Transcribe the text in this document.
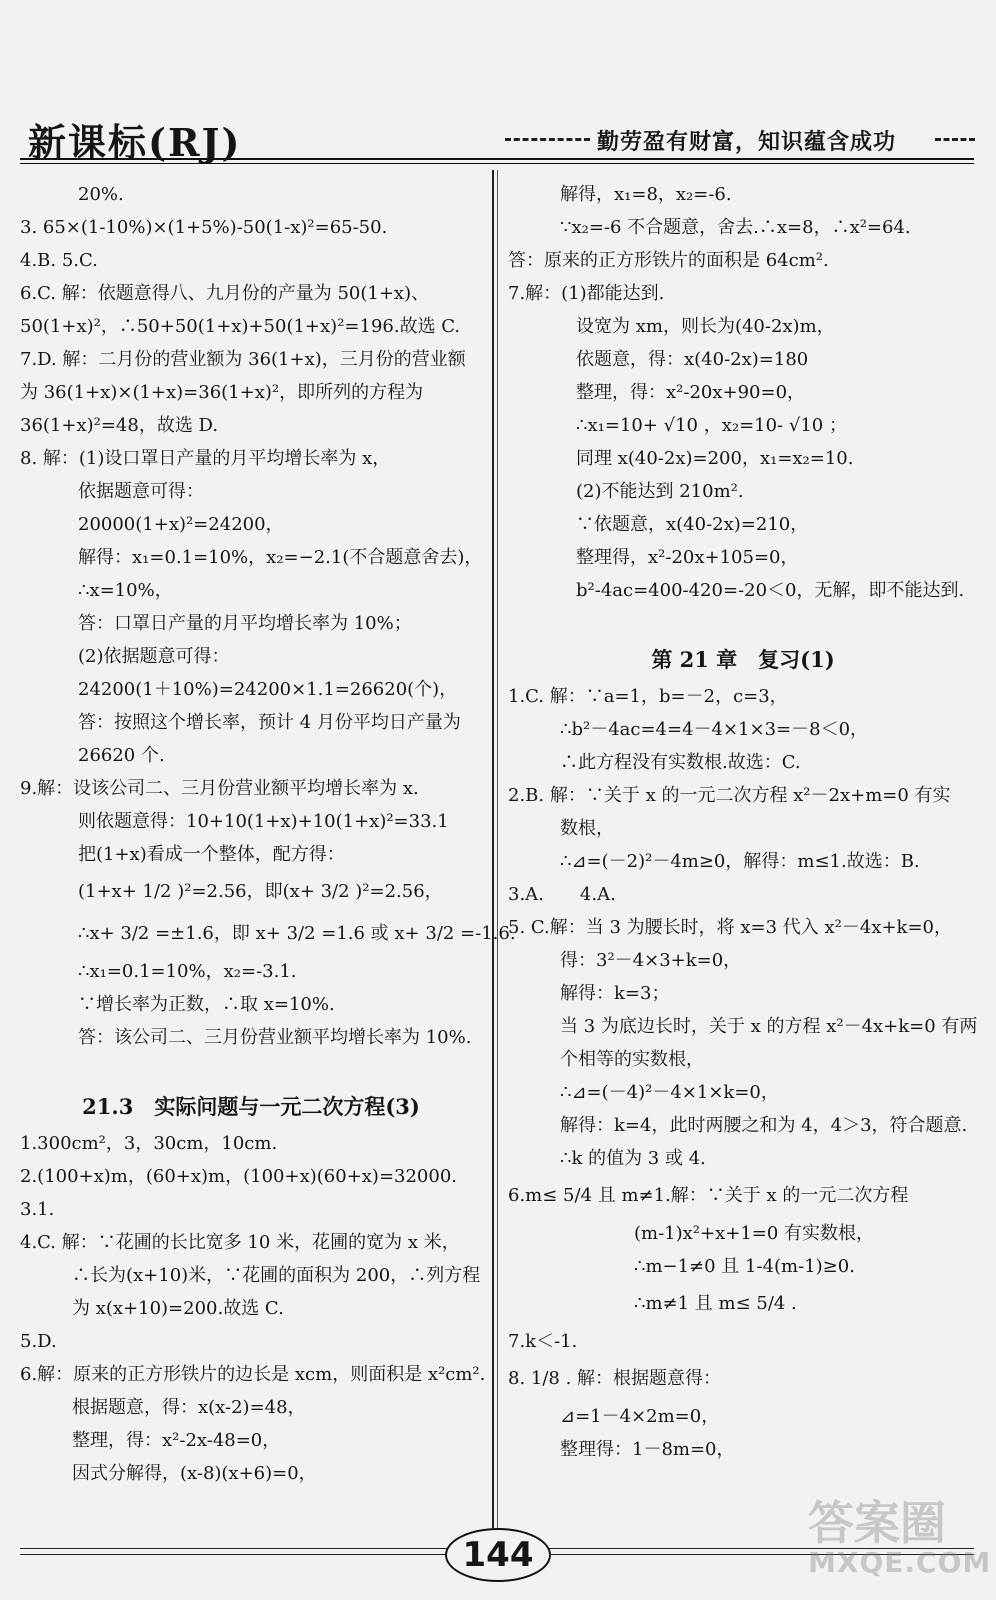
新课标(RJ)	勤劳盈有财富，知识蕴含成功
20%.
3. 65×(1-10%)×(1+5%)-50(1-x)²=65-50.
4.B. 5.C.
6.C. 解：依题意得八、九月份的产量为 50(1+x)、
50(1+x)²，∴50+50(1+x)+50(1+x)²=196.故选 C.
7.D. 解：二月份的营业额为 36(1+x)，三月份的营业额
为 36(1+x)×(1+x)=36(1+x)²，即所列的方程为
36(1+x)²=48，故选 D.
8. 解：(1)设口罩日产量的月平均增长率为 x，
依据题意可得：
20000(1+x)²=24200，
解得：x₁=0.1=10%，x₂=−2.1(不合题意舍去)，
∴x=10%，
答：口罩日产量的月平均增长率为 10%；
(2)依据题意可得：
24200(1＋10%)=24200×1.1=26620(个)，
答：按照这个增长率，预计 4 月份平均日产量为
26620 个.
9.解：设该公司二、三月份营业额平均增长率为 x.
则依题意得：10+10(1+x)+10(1+x)²=33.1
把(1+x)看成一个整体，配方得：
(1+x+ 1/2 )²=2.56，即(x+ 3/2 )²=2.56，
∴x+ 3/2 =±1.6，即 x+ 3/2 =1.6 或 x+ 3/2 =-1.6.
∴x₁=0.1=10%，x₂=-3.1.
∵增长率为正数，∴取 x=10%.
答：该公司二、三月份营业额平均增长率为 10%.
21.3　实际问题与一元二次方程(3)
1.300cm²，3，30cm，10cm.
2.(100+x)m，(60+x)m，(100+x)(60+x)=32000.
3.1.
4.C. 解：∵花圃的长比宽多 10 米，花圃的宽为 x 米，
∴长为(x+10)米，∵花圃的面积为 200，∴列方程
为 x(x+10)=200.故选 C.
5.D.
6.解：原来的正方形铁片的边长是 xcm，则面积是 x²cm².
根据题意，得：x(x-2)=48，
整理，得：x²-2x-48=0，
因式分解得，(x-8)(x+6)=0，
解得，x₁=8，x₂=-6.
∵x₂=-6 不合题意，舍去.∴x=8，∴x²=64.
答：原来的正方形铁片的面积是 64cm².
7.解：(1)都能达到.
设宽为 xm，则长为(40-2x)m，
依题意，得：x(40-2x)=180
整理，得：x²-20x+90=0，
∴x₁=10+ √10 ，x₂=10- √10 ；
同理 x(40-2x)=200，x₁=x₂=10.
(2)不能达到 210m².
∵依题意，x(40-2x)=210，
整理得，x²-20x+105=0，
b²-4ac=400-420=-20＜0，无解，即不能达到.
第 21 章　复习(1)
1.C. 解：∵a=1，b=－2，c=3，
∴b²－4ac=4=4－4×1×3=－8＜0，
∴此方程没有实数根.故选：C.
2.B. 解：∵关于 x 的一元二次方程 x²－2x+m=0 有实
数根，
∴⊿=(－2)²－4m≥0，解得：m≤1.故选：B.
3.A.　　4.A.
5. C.解：当 3 为腰长时，将 x=3 代入 x²－4x+k=0，
得：3²－4×3+k=0，
解得：k=3；
当 3 为底边长时，关于 x 的方程 x²－4x+k=0 有两
个相等的实数根，
∴⊿=(－4)²－4×1×k=0，
解得：k=4，此时两腰之和为 4，4＞3，符合题意.
∴k 的值为 3 或 4.
6.m≤ 5/4 且 m≠1.解：∵关于 x 的一元二次方程
(m-1)x²+x+1=0 有实数根，
∴m−1≠0 且 1-4(m-1)≥0.
∴m≠1 且 m≤ 5/4 .
7.k＜-1.
8. 1/8 . 解：根据题意得：
⊿=1－4×2m=0，
整理得：1－8m=0，
144
答案圈
MXQE.COM
